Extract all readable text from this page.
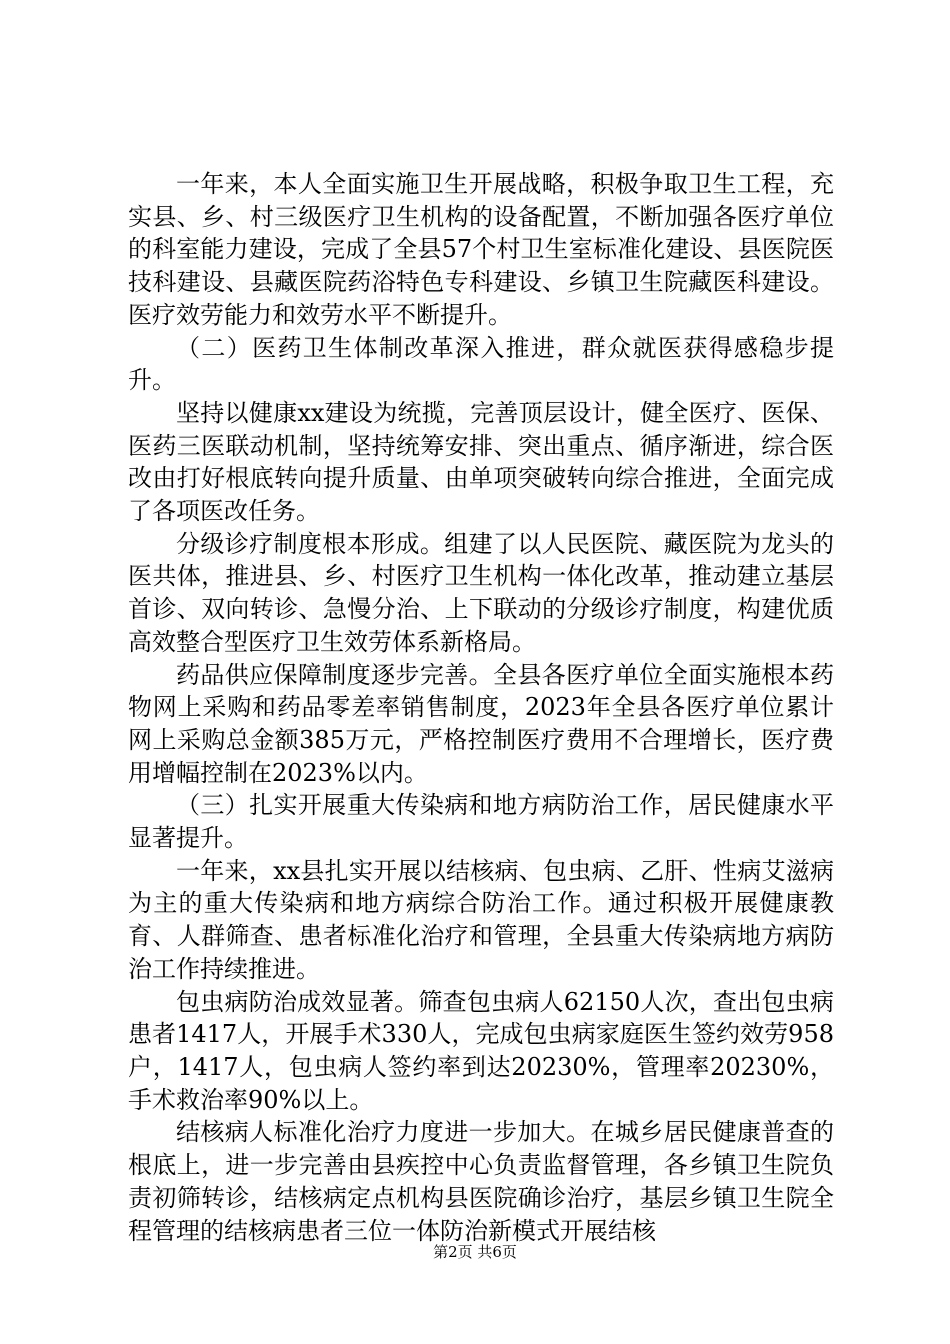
一年来，本人全面实施卫生开展战略，积极争取卫生工程，充实县、乡、村三级医疗卫生机构的设备配置，不断加强各医疗单位的科室能力建设，完成了全县57个村卫生室标准化建设、县医院医技科建设、县藏医院药浴特色专科建设、乡镇卫生院藏医科建设。医疗效劳能力和效劳水平不断提升。

（二）医药卫生体制改革深入推进，群众就医获得感稳步提升。

坚持以健康xx建设为统揽，完善顶层设计，健全医疗、医保、医药三医联动机制，坚持统筹安排、突出重点、循序渐进，综合医改由打好根底转向提升质量、由单项突破转向综合推进，全面完成了各项医改任务。

分级诊疗制度根本形成。组建了以人民医院、藏医院为龙头的医共体，推进县、乡、村医疗卫生机构一体化改革，推动建立基层首诊、双向转诊、急慢分治、上下联动的分级诊疗制度，构建优质高效整合型医疗卫生效劳体系新格局。

药品供应保障制度逐步完善。全县各医疗单位全面实施根本药物网上采购和药品零差率销售制度，2023年全县各医疗单位累计网上采购总金额385万元，严格控制医疗费用不合理增长，医疗费用增幅控制在2023%以内。

（三）扎实开展重大传染病和地方病防治工作，居民健康水平显著提升。

一年来，xx县扎实开展以结核病、包虫病、乙肝、性病艾滋病为主的重大传染病和地方病综合防治工作。通过积极开展健康教育、人群筛查、患者标准化治疗和管理，全县重大传染病地方病防治工作持续推进。

包虫病防治成效显著。筛查包虫病人62150人次，查出包虫病患者1417人，开展手术330人，完成包虫病家庭医生签约效劳958户，1417人，包虫病人签约率到达20230%，管理率20230%，手术救治率90%以上。

结核病人标准化治疗力度进一步加大。在城乡居民健康普查的根底上，进一步完善由县疾控中心负责监督管理，各乡镇卫生院负责初筛转诊，结核病定点机构县医院确诊治疗，基层乡镇卫生院全程管理的结核病患者三位一体防治新模式开展结核

第2页 共6页
